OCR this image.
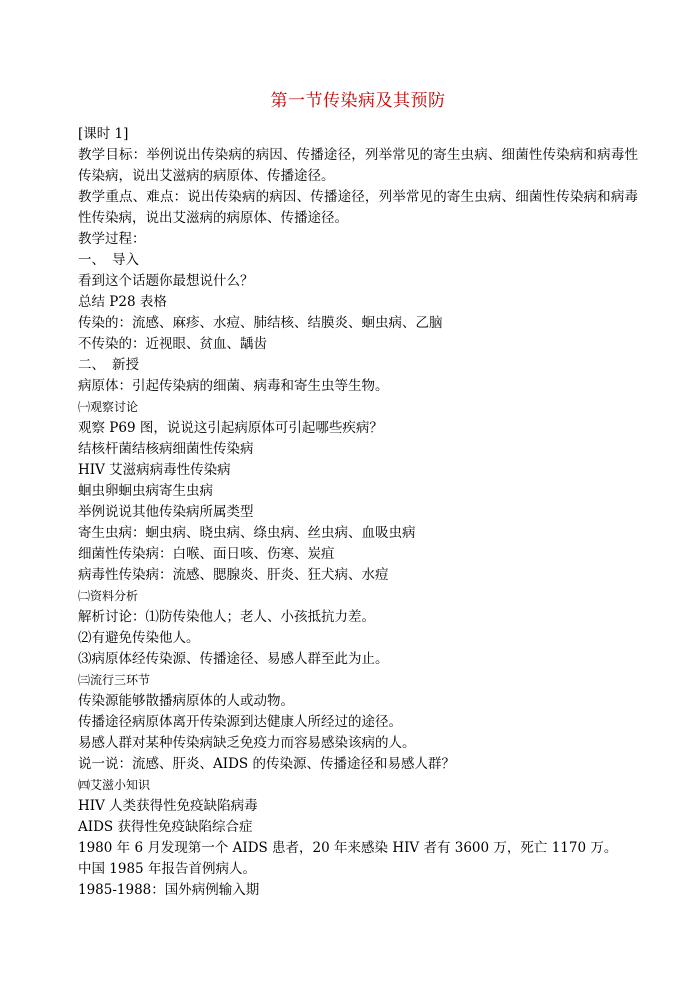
第一节传染病及其预防

[课时 1]

教学目标：举例说出传染病的病因、传播途径，列举常见的寄生虫病、细菌性传染病和病毒性传染病，说出艾滋病的病原体、传播途径。

教学重点、难点：说出传染病的病因、传播途径，列举常见的寄生虫病、细菌性传染病和病毒性传染病，说出艾滋病的病原体、传播途径。

教学过程：

一、 导入

看到这个话题你最想说什么？

总结 P28 表格

传染的：流感、麻疹、水痘、肺结核、结膜炎、蛔虫病、乙脑

不传染的：近视眼、贫血、龋齿

二、 新授

病原体：引起传染病的细菌、病毒和寄生虫等生物。

㈠观察讨论

观察 P69 图，说说这引起病原体可引起哪些疾病？

结核杆菌结核病细菌性传染病

HIV 艾滋病病毒性传染病

蛔虫卵蛔虫病寄生虫病

举例说说其他传染病所属类型

寄生虫病：蛔虫病、晓虫病、绦虫病、丝虫病、血吸虫病

细菌性传染病：白喉、面日咳、伤寒、炭疽

病毒性传染病：流感、腮腺炎、肝炎、狂犬病、水痘

㈡资料分析

解析讨论：⑴防传染他人；老人、小孩抵抗力差。

⑵有避免传染他人。

⑶病原体经传染源、传播途径、易感人群至此为止。

㈢流行三环节

传染源能够散播病原体的人或动物。

传播途径病原体离开传染源到达健康人所经过的途径。

易感人群对某种传染病缺乏免疫力而容易感染该病的人。

说一说：流感、肝炎、AIDS 的传染源、传播途径和易感人群？

㈣艾滋小知识

HIV 人类获得性免疫缺陷病毒

AIDS 获得性免疫缺陷综合症

1980 年 6 月发现第一个 AIDS 患者，20 年来感染 HIV 者有 3600 万，死亡 1170 万。

中国 1985 年报告首例病人。

1985-1988：国外病例输入期
